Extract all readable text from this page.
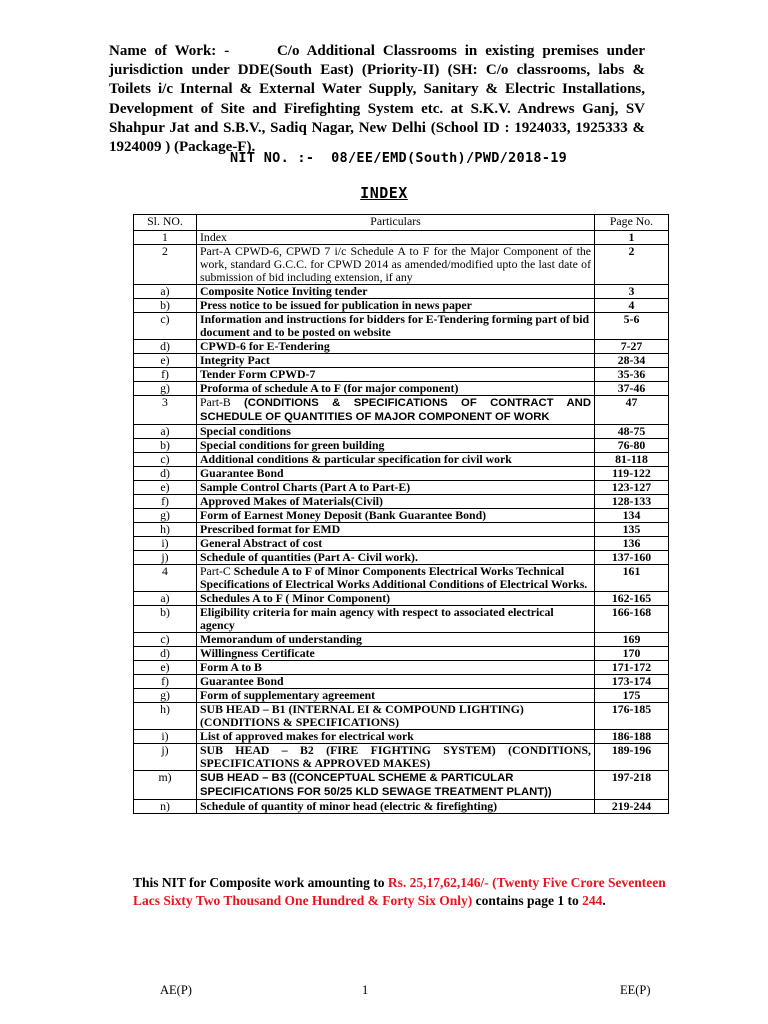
Name of Work: -	C/o Additional Classrooms in existing premises under jurisdiction under DDE(South East) (Priority-II) (SH: C/o classrooms, labs & Toilets i/c Internal & External Water Supply, Sanitary & Electric Installations, Development of Site and Firefighting System etc. at S.K.V. Andrews Ganj, SV Shahpur Jat and S.B.V., Sadiq Nagar, New Delhi (School ID : 1924033, 1925333 & 1924009 ) (Package-F).
NIT NO. :-  08/EE/EMD(South)/PWD/2018-19
INDEX
Sl. NO.	Particulars	Page No.
1	Index	1
2	Part-A CPWD-6, CPWD 7 i/c Schedule A to F for the Major Component of the work, standard G.C.C. for CPWD 2014 as amended/modified upto the last date of submission of bid including extension, if any	2
a)	Composite Notice Inviting tender	3
b)	Press notice to be issued for publication in news paper	4
c)	Information and instructions for bidders for E-Tendering forming part of bid document and to be posted on website	5-6
d)	CPWD-6 for E-Tendering	7-27
e)	Integrity Pact	28-34
f)	Tender Form CPWD-7	35-36
g)	Proforma of schedule A to F (for major component)	37-46
3	Part-B (CONDITIONS & SPECIFICATIONS OF CONTRACT AND SCHEDULE OF QUANTITIES OF MAJOR COMPONENT OF WORK	47
a)	Special conditions	48-75
b)	Special conditions for green building	76-80
c)	Additional conditions & particular specification for civil work	81-118
d)	Guarantee Bond	119-122
e)	Sample Control Charts (Part A to Part-E)	123-127
f)	Approved Makes of Materials(Civil)	128-133
g)	Form of Earnest Money Deposit (Bank Guarantee Bond)	134
h)	Prescribed format for EMD	135
i)	General Abstract of cost	136
j)	Schedule of quantities (Part A- Civil work).	137-160
4	Part-C Schedule A to F of Minor Components Electrical Works Technical Specifications of Electrical Works Additional Conditions of Electrical Works.	161
a)	Schedules A to F ( Minor Component)	162-165
b)	Eligibility criteria for main agency with respect to associated electrical agency	166-168
c)	Memorandum of understanding	169
d)	Willingness Certificate	170
e)	Form A to B	171-172
f)	Guarantee Bond	173-174
g)	Form of supplementary agreement	175
h)	SUB HEAD – B1 (INTERNAL EI & COMPOUND LIGHTING) (CONDITIONS & SPECIFICATIONS)	176-185
i)	List of approved makes for electrical work	186-188
j)	SUB HEAD – B2 (FIRE FIGHTING SYSTEM) (CONDITIONS, SPECIFICATIONS & APPROVED MAKES)	189-196
m)	SUB HEAD – B3 ((CONCEPTUAL SCHEME & PARTICULAR SPECIFICATIONS FOR 50/25 KLD SEWAGE TREATMENT PLANT))	197-218
n)	Schedule of quantity of minor head (electric & firefighting)	219-244
This NIT for Composite work amounting to Rs. 25,17,62,146/- (Twenty Five Crore Seventeen Lacs Sixty Two Thousand One Hundred & Forty Six Only) contains page 1 to 244.
AE(P)	1	EE(P)
